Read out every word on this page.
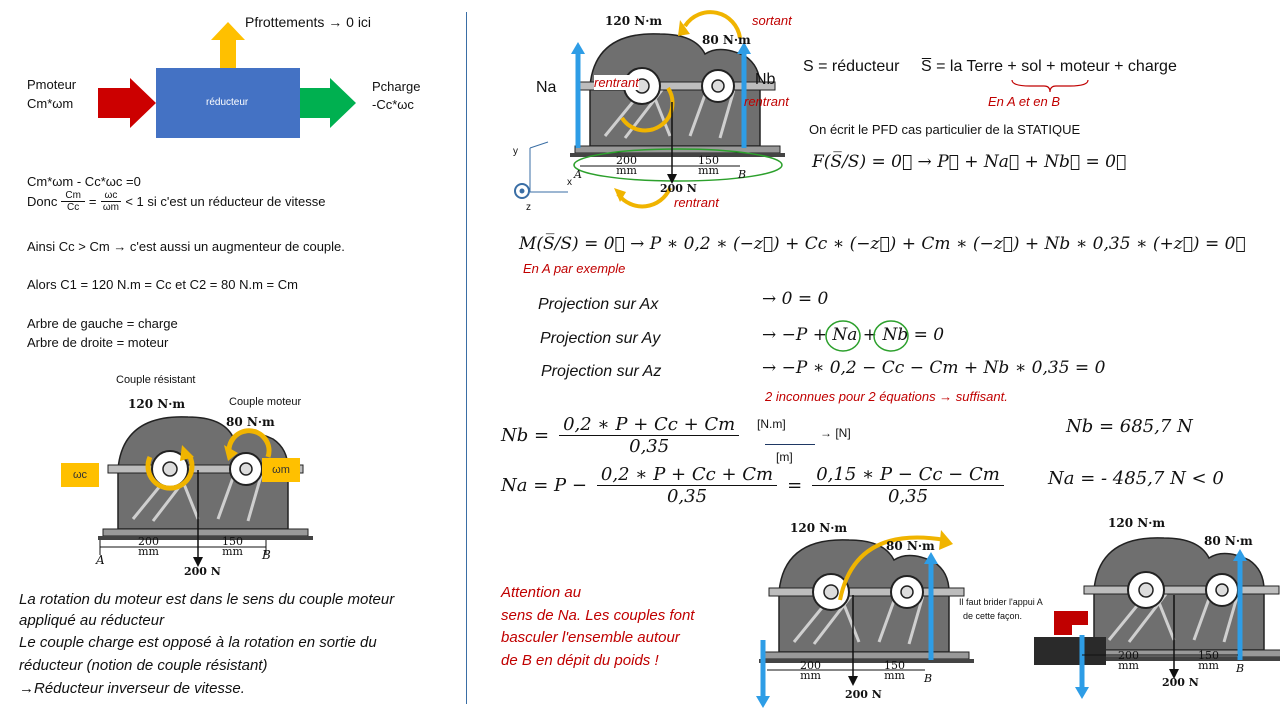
réducteur
Pfrottements → 0 ici
Pmoteur
Cm*ωm
Pcharge
-Cc*ωc
Cm*ωm - Cc*ωc =0
Donc $\frac{Cm}{Cc} = \frac{\omega c}{\omega m} < 1$ si c'est un réducteur de vitesse
Ainsi Cc > Cm → c'est aussi un augmenteur de couple.
Alors C1 = 120 N.m = Cc et C2 = 80 N.m = Cm
Arbre de gauche = charge
Arbre de droite = moteur
120 N·m
80 N·m
Couple résistant
Couple moteur
ωc	ωm
200
mm
150
mm
A	B
200 N
La rotation du moteur est dans le sens du couple moteur
appliqué au réducteur
Le couple charge est opposé à la rotation en sortie du
réducteur (notion de couple résistant)
→Réducteur inverseur de vitesse.
120 N·m
80 N·m
sortant
rentrant
rentrant
rentrant
Na	Nb
y
x
z
200
mm
150
mm
A	B
200 N
S = réducteur S̅ = la Terre + sol + moteur + charge
En A et en B
On écrit le PFD cas particulier de la STATIQUE
F(S̅/S) = 0⃗ → P⃗ + Na⃗ + Nb⃗ = 0⃗
M(S̅/S) = 0⃗ → P ∗ 0,2 ∗ (−z⃗) + Cc ∗ (−z⃗) + Cm ∗ (−z⃗) + Nb ∗ 0,35 ∗ (+z⃗) = 0⃗
En A par exemple
Projection sur Ax	→ 0 = 0
Projection sur Ay	→ −P + Na + Nb = 0
Projection sur Az	→ −P ∗ 0,2 − Cc − Cm + Nb ∗ 0,35 = 0
2 inconnues pour 2 équations → suffisant.
$Nb = \frac{0,2 ∗ P + Cc + Cm}{0,35} [N.m]$
[m]
→ [N]
$Na = P - \frac{0,2 ∗ P + Cc + Cm}{0,35} = \frac{0,15 ∗ P - Cc - Cm}{0,35}$
Nb = 685,7 N
Na = - 485,7 N < 0
Attention au
sens de Na. Les couples font
basculer l'ensemble autour
de B en dépit du poids !
120 N·m
80 N·m
200
mm
150
mm B
200 N
Il faut brider l'appui A
de cette façon.
120 N·m
80 N·m
200
mm
150
mm B
200 N
